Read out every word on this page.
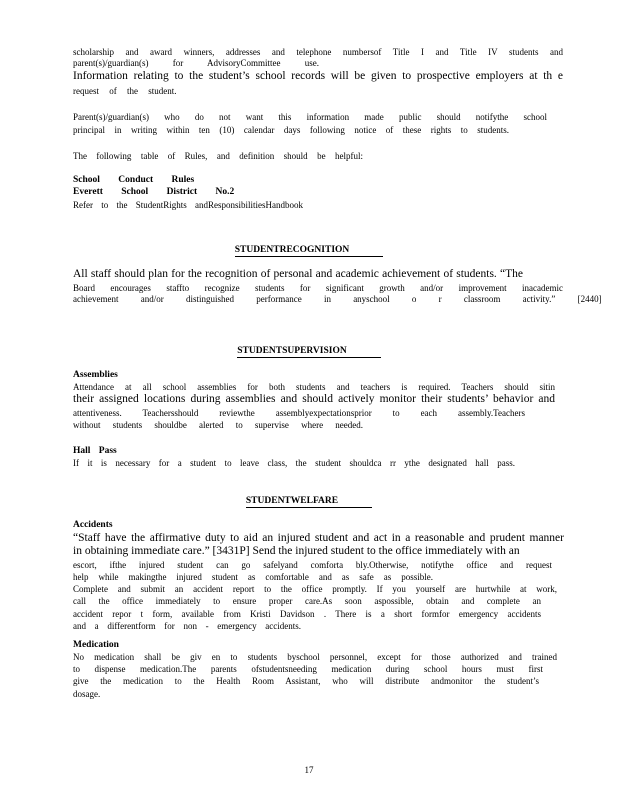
scholarship and award winners, addresses and telephone numbersof Title I and Title IV students and

parent(s)/guardian(s) for AdvisoryCommittee use.

Information relating to the student’s school records will be given to prospective employers at th e

request of the student.

Parent(s)/guardian(s) who do not want this information made public should notifythe school

principal in writing within ten (10) calendar days following notice of these rights to students.

The following table of Rules, and definition should be helpful:

School Conduct Rules

Everett School District No.2

Refer to the StudentRights andResponsibilitiesHandbook

STUDENTRECOGNITION

All staff should plan for the recognition of personal and academic achievement of students. “The

Board encourages staffto recognize students for significant growth and/or improvement inacademic

achievement and/or distinguished performance in anyschool o r classroom activity.” [2440]

STUDENTSUPERVISION

Assemblies

Attendance at all school assemblies for both students and teachers is required. Teachers should sitin

their assigned locations during assemblies and should actively monitor their students’ behavior and

attentiveness. Teachersshould reviewthe assemblyexpectationsprior to each assembly.Teachers

without students shouldbe alerted to supervise where needed.

Hall Pass

If it is necessary for a student to leave class, the student shouldca rr ythe designated hall pass.

STUDENTWELFARE

Accidents

“Staff have the affirmative duty to aid an injured student and act in a reasonable and prudent manner

in obtaining immediate care.” [3431P] Send the injured student to the office immediately with an

escort, ifthe injured student can go safelyand comforta bly.Otherwise, notifythe office and request

help while makingthe injured student as comfortable and as safe as possible.

Complete and submit an accident report to the office promptly. If you yourself are hurtwhile at work,

call the office immediately to ensure proper care.As soon aspossible, obtain and complete an

accident repor t form, available from Kristi Davidson . There is a short formfor emergency accidents

and a differentform for non - emergency accidents.

Medication

No medication shall be giv en to students byschool personnel, except for those authorized and trained

to dispense medication.The parents ofstudentsneeding medication during school hours must first

give the medication to the Health Room Assistant, who will distribute andmonitor the student’s

dosage.

17
